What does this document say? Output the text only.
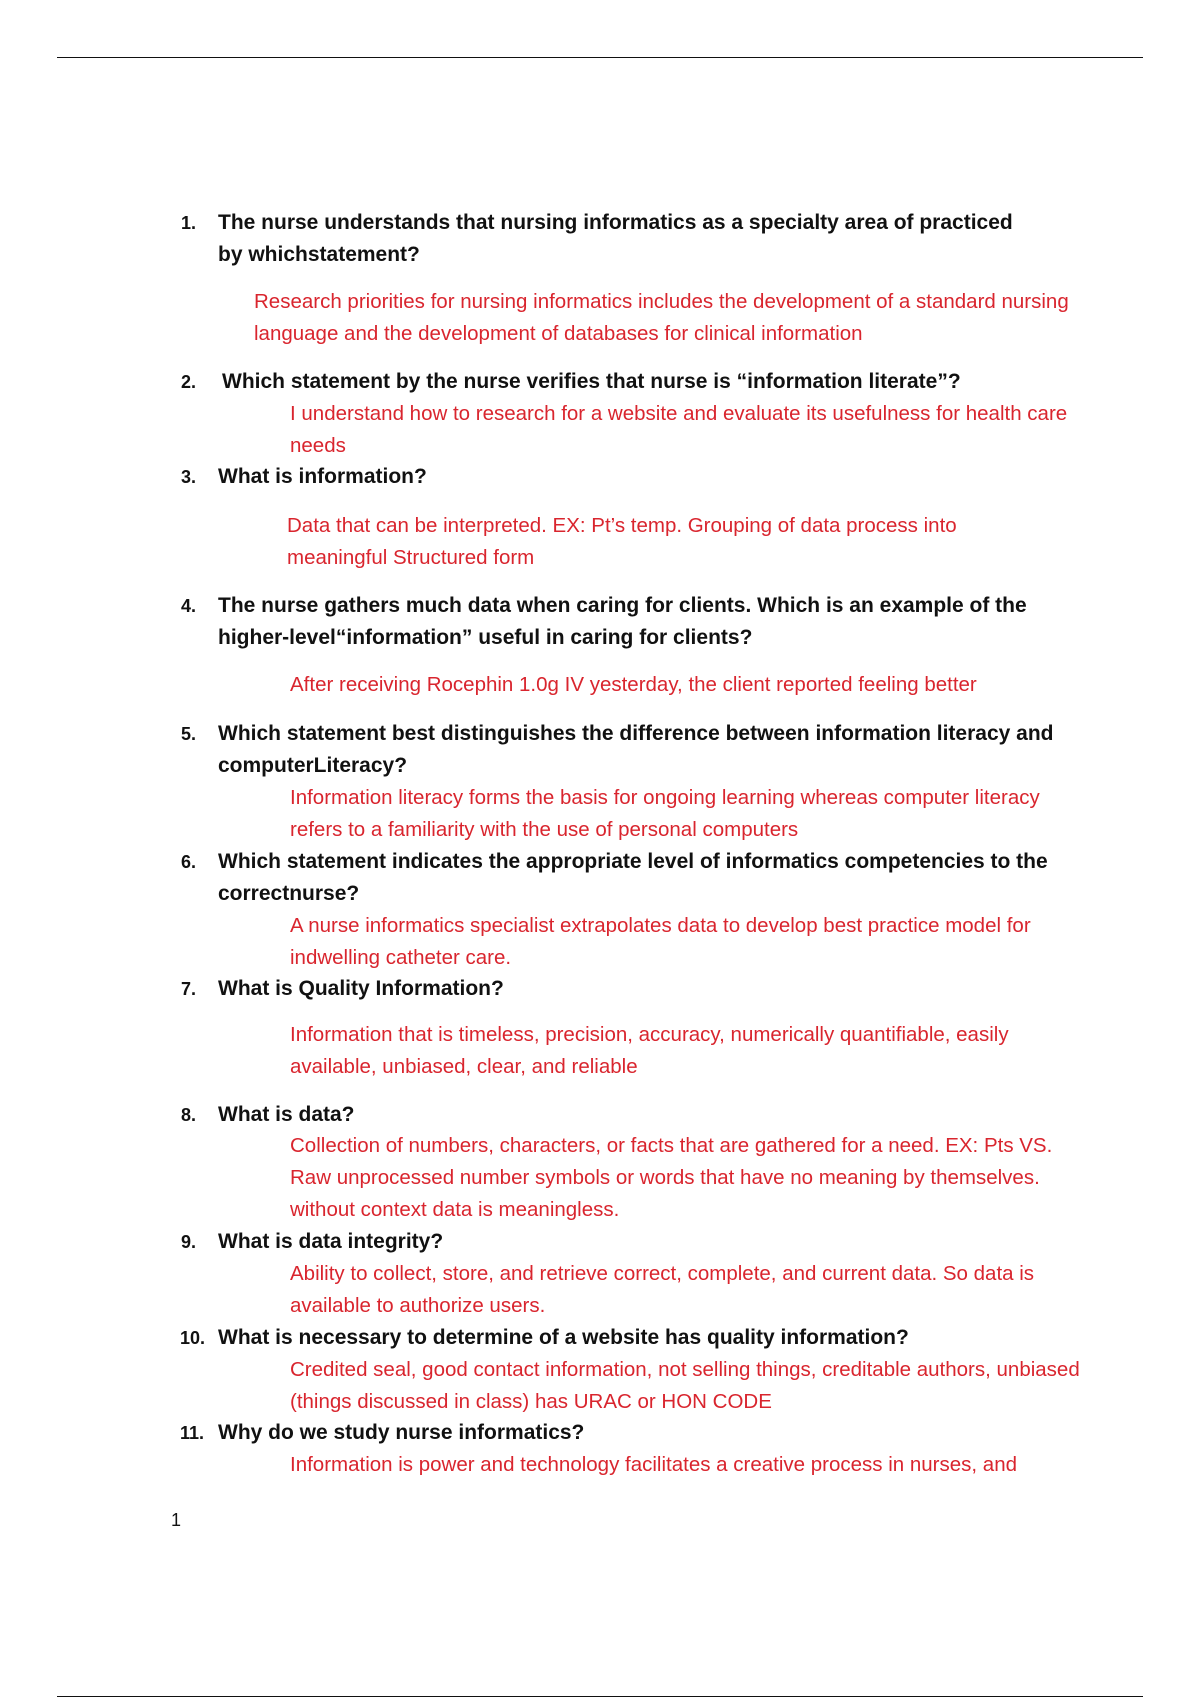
1.	The nurse understands that nursing informatics as a specialty area of practiced by whichstatement?
Research priorities for nursing informatics includes the development of a standard nursing language and the development of databases for clinical information
2.	Which statement by the nurse verifies that nurse is “information literate”?
I understand how to research for a website and evaluate its usefulness for health care needs
3.	What is information?
Data that can be interpreted. EX: Pt’s temp. Grouping of data process into meaningful Structured form
4.	The nurse gathers much data when caring for clients. Which is an example of the higher-level“information” useful in caring for clients?
After receiving Rocephin 1.0g IV yesterday, the client reported feeling better
5.	Which statement best distinguishes the difference between information literacy and computerLiteracy?
Information literacy forms the basis for ongoing learning whereas computer literacy refers to a familiarity with the use of personal computers
6.	Which statement indicates the appropriate level of informatics competencies to the correctnurse?
A nurse informatics specialist extrapolates data to develop best practice model for indwelling catheter care.
7.	What is Quality Information?
Information that is timeless, precision, accuracy, numerically quantifiable, easily available, unbiased, clear, and reliable
8.	What is data?
Collection of numbers, characters, or facts that are gathered for a need. EX: Pts VS. Raw unprocessed number symbols or words that have no meaning by themselves. without context data is meaningless.
9.	What is data integrity?
Ability to collect, store, and retrieve correct, complete, and current data. So data is available to authorize users.
10. What is necessary to determine of a website has quality information?
Credited seal, good contact information, not selling things, creditable authors, unbiased (things discussed in class) has URAC or HON CODE
11. Why do we study nurse informatics?
Information is power and technology facilitates a creative process in nurses, and
1
